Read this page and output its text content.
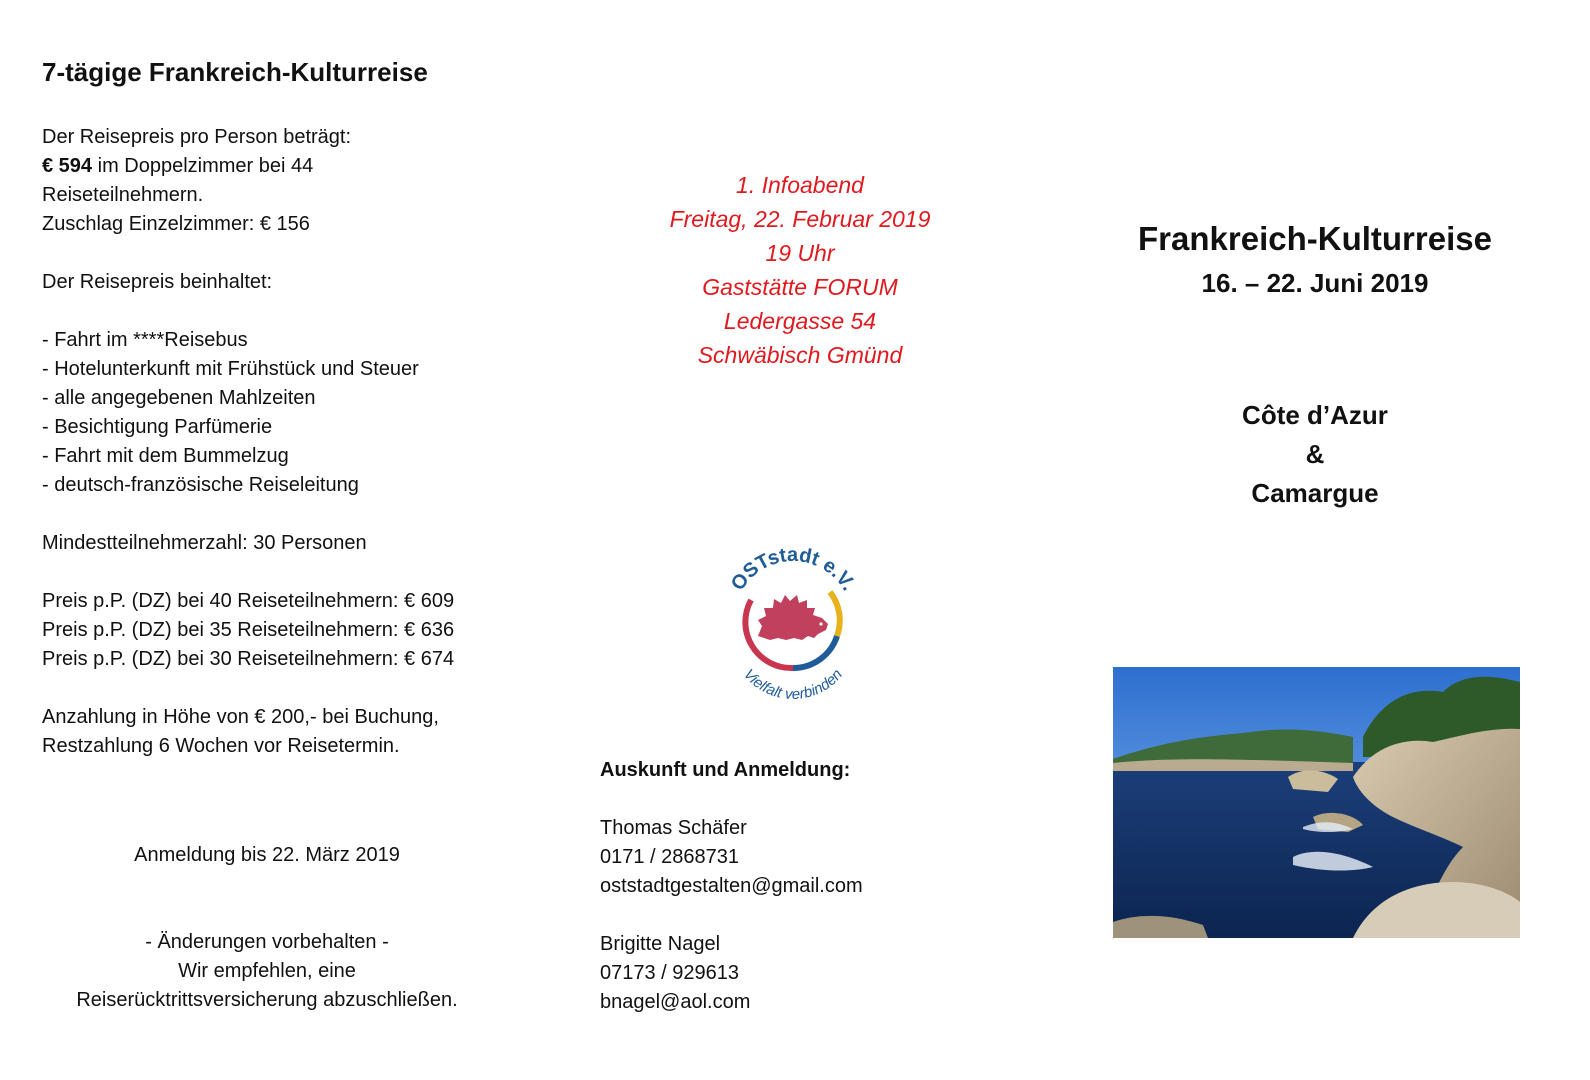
7-tägige Frankreich-Kulturreise

Der Reisepreis pro Person beträgt:

€ 594 im Doppelzimmer bei 44

Reiseteilnehmern.

Zuschlag Einzelzimmer: € 156

Der Reisepreis beinhaltet:

- Fahrt im ****Reisebus
- Hotelunterkunft mit Frühstück und Steuer
- alle angegebenen Mahlzeiten
- Besichtigung Parfümerie
- Fahrt mit dem Bummelzug
- deutsch-französische Reiseleitung

Mindestteilnehmerzahl: 30 Personen

Preis p.P. (DZ) bei 40 Reiseteilnehmern: € 609

Preis p.P. (DZ) bei 35 Reiseteilnehmern: € 636

Preis p.P. (DZ) bei 30 Reiseteilnehmern: € 674

Anzahlung in Höhe von € 200,- bei Buchung,

Restzahlung 6 Wochen vor Reisetermin.

Anmeldung bis 22. März 2019
- Änderungen vorbehalten -
Wir empfehlen, eine
Reiserücktrittsversicherung abzuschließen.
1. Infoabend
Freitag, 22. Februar 2019
19 Uhr
Gaststätte FORUM
Ledergasse 54
Schwäbisch Gmünd
OSTstadt e.V.
Vielfalt verbinden

Auskunft und Anmeldung:

Thomas Schäfer

0171 / 2868731

oststadtgestalten@gmail.com

Brigitte Nagel

07173 / 929613

bnagel@aol.com

Frankreich-Kulturreise
16. – 22. Juni 2019
Côte d’Azur
&
Camargue
